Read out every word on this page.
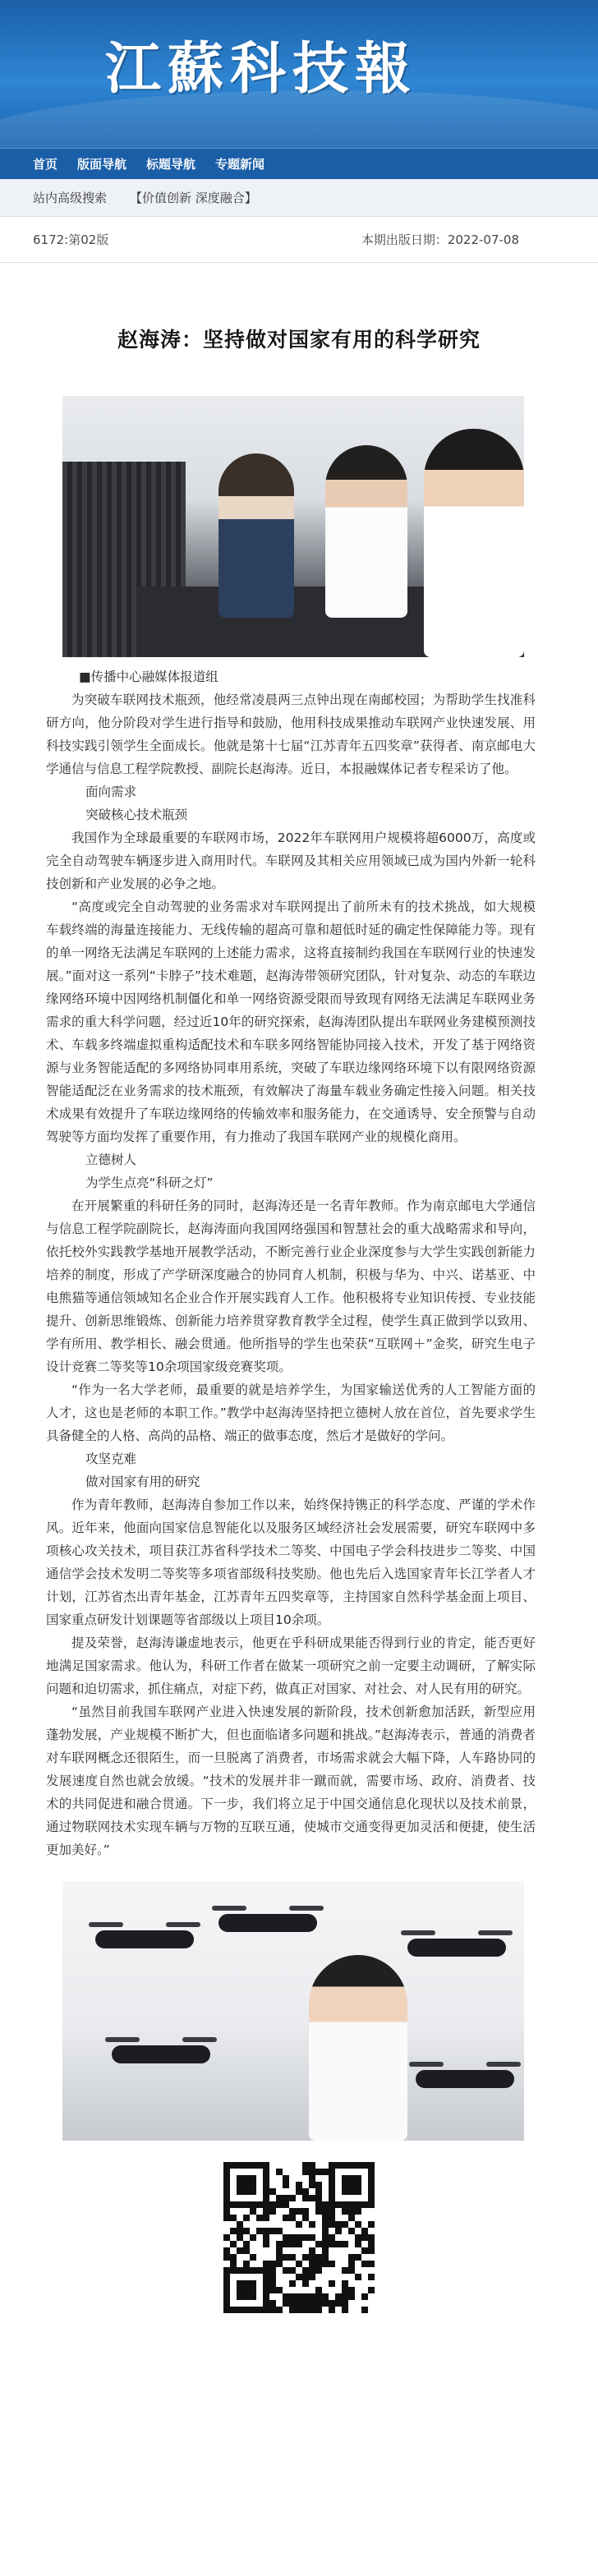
江蘇科技報
首页 版面导航 标题导航 专题新闻
站内高级搜索 【价值创新 深度融合】
6172:第02版	本期出版日期：2022-07-08
赵海涛：坚持做对国家有用的科学研究

■传播中心融媒体报道组

为突破车联网技术瓶颈，他经常凌晨两三点钟出现在南邮校园；为帮助学生找准科研方向，他分阶段对学生进行指导和鼓励，他用科技成果推动车联网产业快速发展、用科技实践引领学生全面成长。他就是第十七届“江苏青年五四奖章”获得者、南京邮电大学通信与信息工程学院教授、副院长赵海涛。近日，本报融媒体记者专程采访了他。

面向需求

突破核心技术瓶颈

我国作为全球最重要的车联网市场，2022年车联网用户规模将超6000万，高度或完全自动驾驶车辆逐步进入商用时代。车联网及其相关应用领域已成为国内外新一轮科技创新和产业发展的必争之地。

“高度或完全自动驾驶的业务需求对车联网提出了前所未有的技术挑战，如大规模车载终端的海量连接能力、无线传输的超高可靠和超低时延的确定性保障能力等。现有的单一网络无法满足车联网的上述能力需求，这将直接制约我国在车联网行业的快速发展。”面对这一系列“卡脖子”技术难题，赵海涛带领研究团队，针对复杂、动态的车联边缘网络环境中因网络机制僵化和单一网络资源受限而导致现有网络无法满足车联网业务需求的重大科学问题，经过近10年的研究探索，赵海涛团队提出车联网业务建模预测技术、车载多终端虚拟重构适配技术和车联多网络智能协同接入技术，开发了基于网络资源与业务智能适配的多网络协同車用系统，突破了车联边缘网络环境下以有限网络资源智能适配泛在业务需求的技术瓶颈，有效解决了海量车载业务确定性接入问题。相关技术成果有效提升了车联边缘网络的传输效率和服务能力，在交通诱导、安全预警与自动驾驶等方面均发挥了重要作用，有力推动了我国车联网产业的规模化商用。

立德树人

为学生点亮“科研之灯”

在开展繁重的科研任务的同时，赵海涛还是一名青年教师。作为南京邮电大学通信与信息工程学院副院长，赵海涛面向我国网络强国和智慧社会的重大战略需求和导向，依托校外实践教学基地开展教学活动，不断完善行业企业深度参与大学生实践创新能力培养的制度，形成了产学研深度融合的协同育人机制，积极与华为、中兴、诺基亚、中电熊猫等通信领域知名企业合作开展实践育人工作。他积极将专业知识传授、专业技能提升、创新思维锻炼、创新能力培养贯穿教育教学全过程，使学生真正做到学以致用、学有所用、教学相长、融会贯通。他所指导的学生也荣获“互联网＋”金奖，研究生电子设计竞赛二等奖等10余项国家级竞赛奖项。

“作为一名大学老师，最重要的就是培养学生，为国家输送优秀的人工智能方面的人才，这也是老师的本职工作。”教学中赵海涛坚持把立德树人放在首位，首先要求学生具备健全的人格、高尚的品格、端正的做事态度，然后才是做好的学问。

攻坚克难

做对国家有用的研究

作为青年教师，赵海涛自参加工作以来，始终保持镌正的科学态度、严谨的学术作风。近年来，他面向国家信息智能化以及服务区域经济社会发展需要，研究车联网中多项核心攻关技术，项目获江苏省科学技术二等奖、中国电子学会科技进步二等奖、中国通信学会技术发明二等奖等多项省部级科技奖励。他也先后入选国家青年长江学者人才计划，江苏省杰出青年基金，江苏青年五四奖章等，主持国家自然科学基金面上项目、国家重点研发计划课题等省部级以上项目10余项。

提及荣誉，赵海涛谦虚地表示，他更在乎科研成果能否得到行业的肯定，能否更好地满足国家需求。他认为，科研工作者在做某一项研究之前一定要主动调研，了解实际问题和迫切需求，抓住痛点，对症下药，做真正对国家、对社会、对人民有用的研究。

“虽然目前我国车联网产业进入快速发展的新阶段，技术创新愈加活跃，新型应用蓬勃发展，产业规模不断扩大，但也面临诸多问题和挑战。”赵海涛表示，普通的消费者对车联网概念还很陌生，而一旦脱离了消费者，市场需求就会大幅下降，人车路协同的发展速度自然也就会放缓。“技术的发展并非一蹴而就，需要市场、政府、消费者、技术的共同促进和融合贯通。下一步，我们将立足于中国交通信息化现状以及技术前景，通过物联网技术实现车辆与万物的互联互通，使城市交通变得更加灵活和便捷，使生活更加美好。”
